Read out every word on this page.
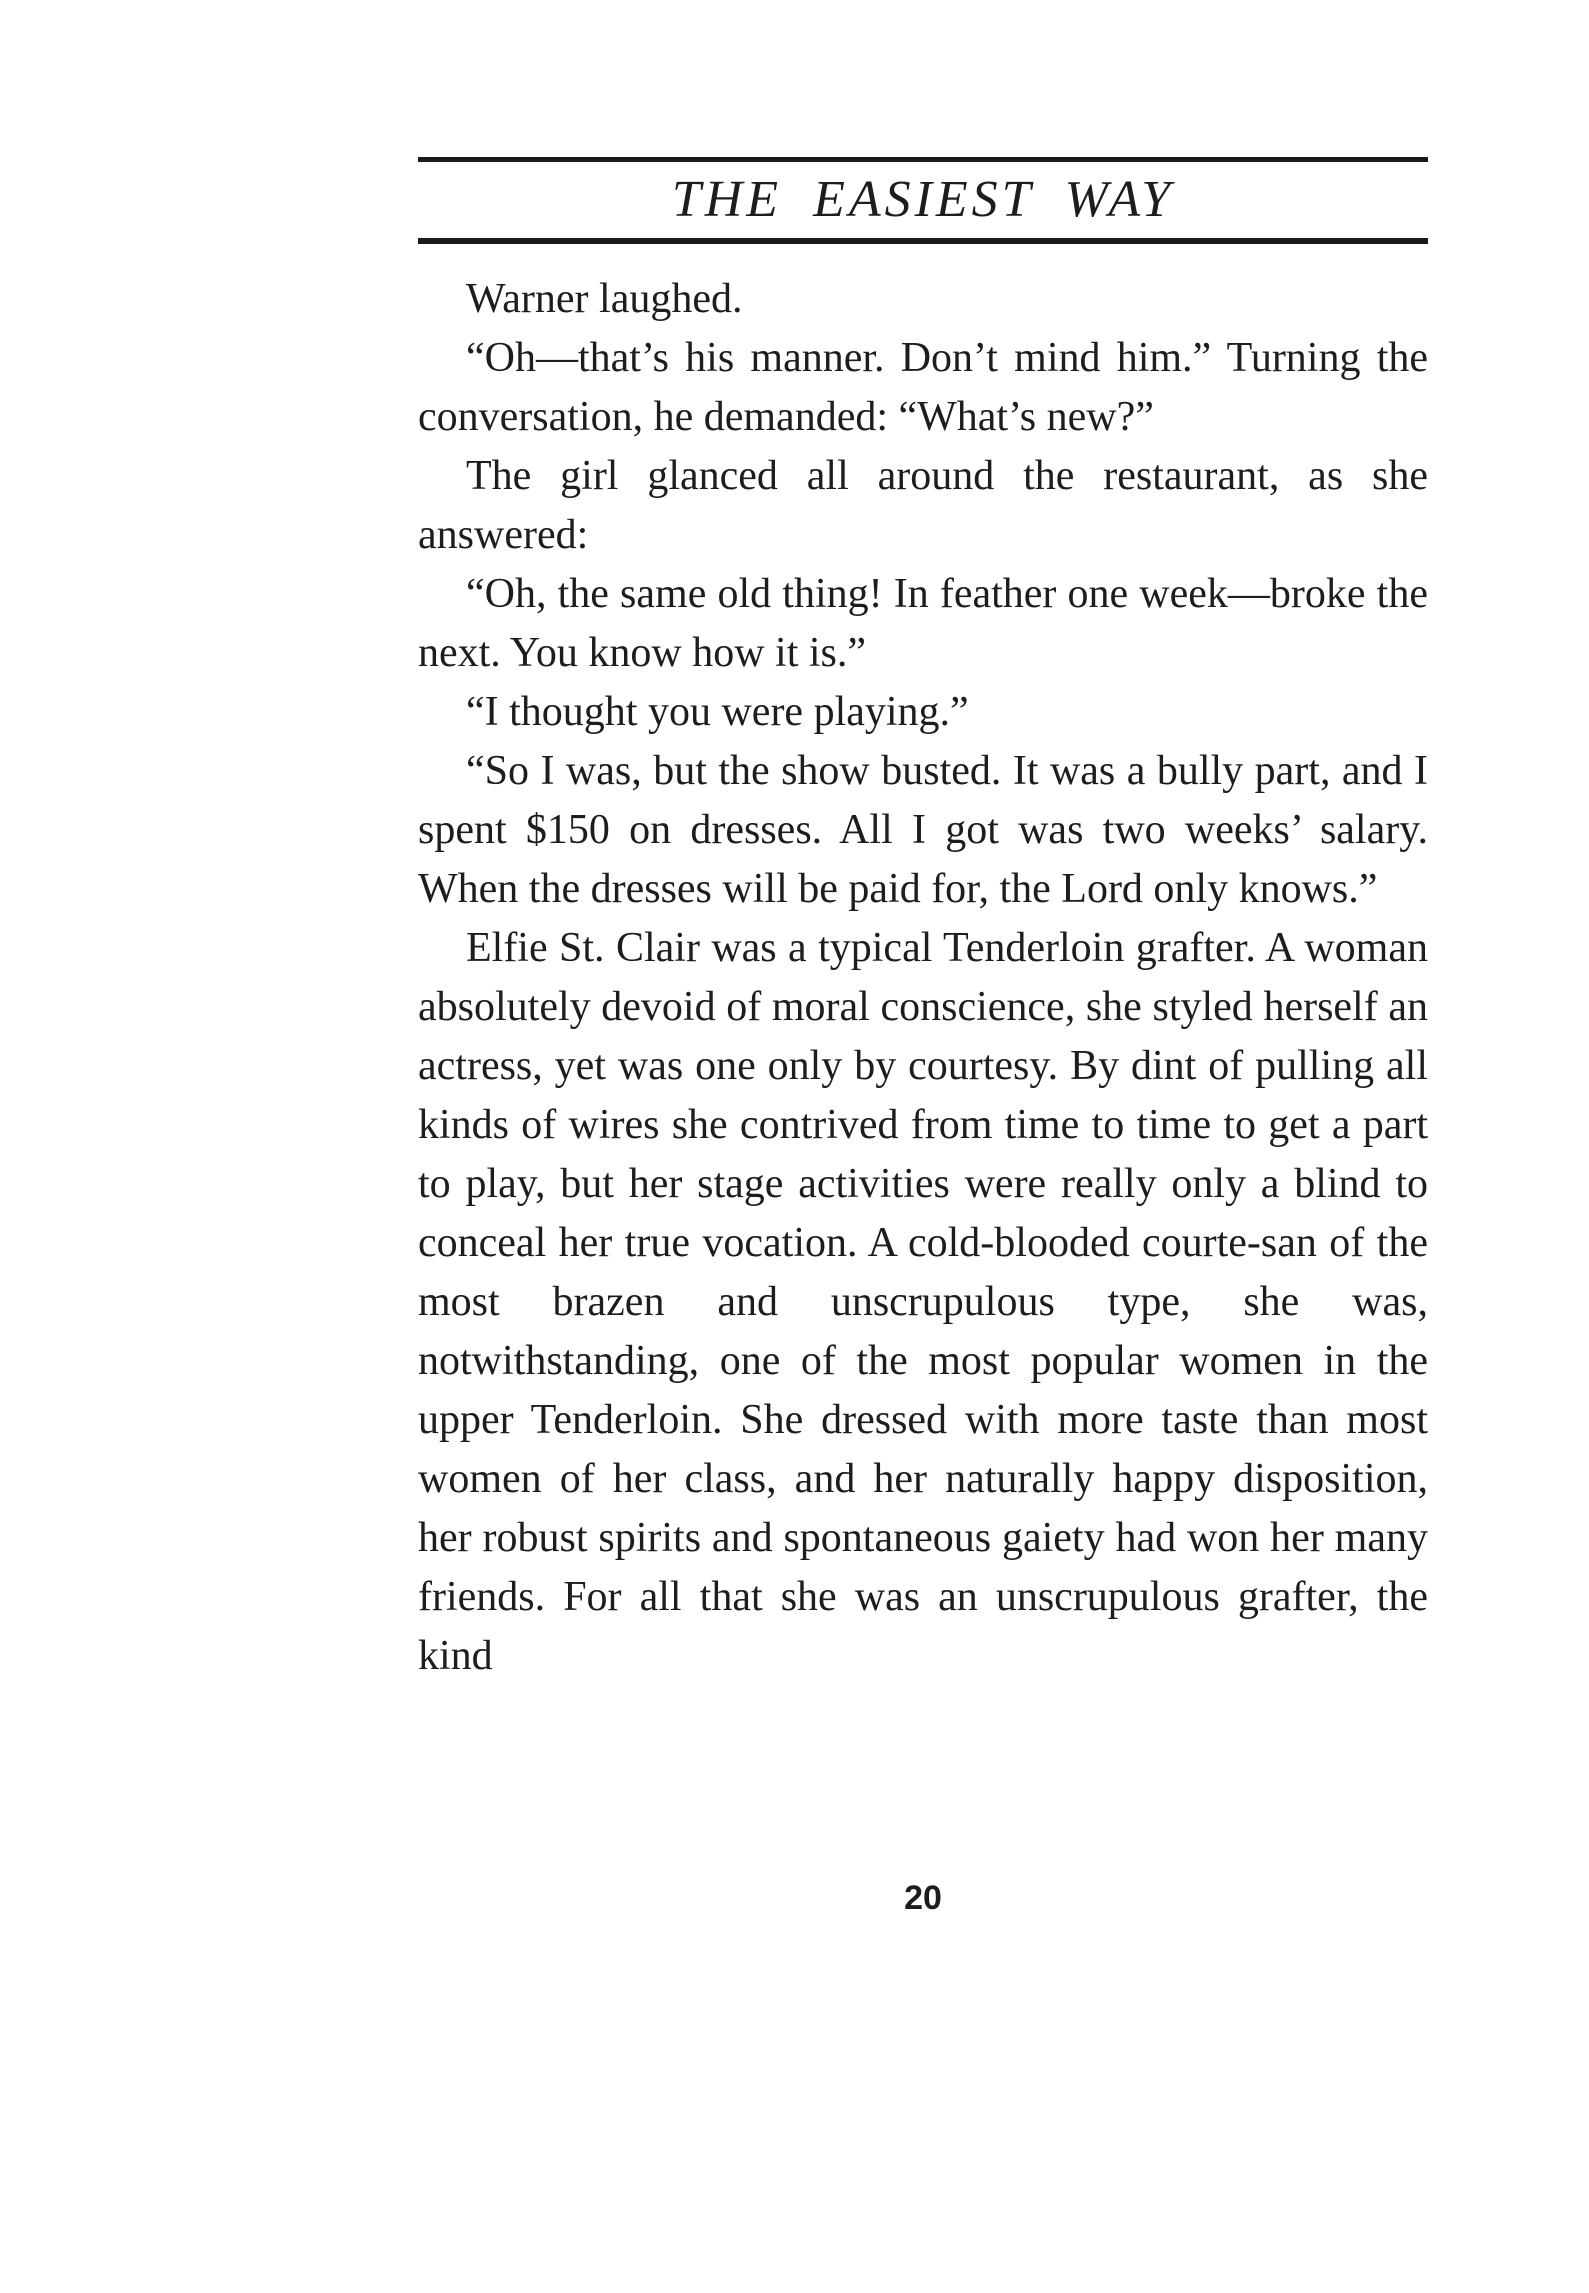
THE EASIEST WAY

Warner laughed.

“Oh—that’s his manner. Don’t mind him.” Turning the conversation, he demanded: “What’s new?”

The girl glanced all around the restaurant, as she answered:

“Oh, the same old thing! In feather one week—broke the next. You know how it is.”

“I thought you were playing.”

“So I was, but the show busted. It was a bully part, and I spent $150 on dresses. All I got was two weeks’ salary. When the dresses will be paid for, the Lord only knows.”

Elfie St. Clair was a typical Tenderloin grafter. A woman absolutely devoid of moral conscience, she styled herself an actress, yet was one only by courtesy. By dint of pulling all kinds of wires she contrived from time to time to get a part to play, but her stage activities were really only a blind to conceal her true vocation. A cold-blooded courte-san of the most brazen and unscrupulous type, she was, notwithstanding, one of the most popular women in the upper Tenderloin. She dressed with more taste than most women of her class, and her naturally happy disposition, her robust spirits and spontaneous gaiety had won her many friends. For all that she was an unscrupulous grafter, the kind

20
